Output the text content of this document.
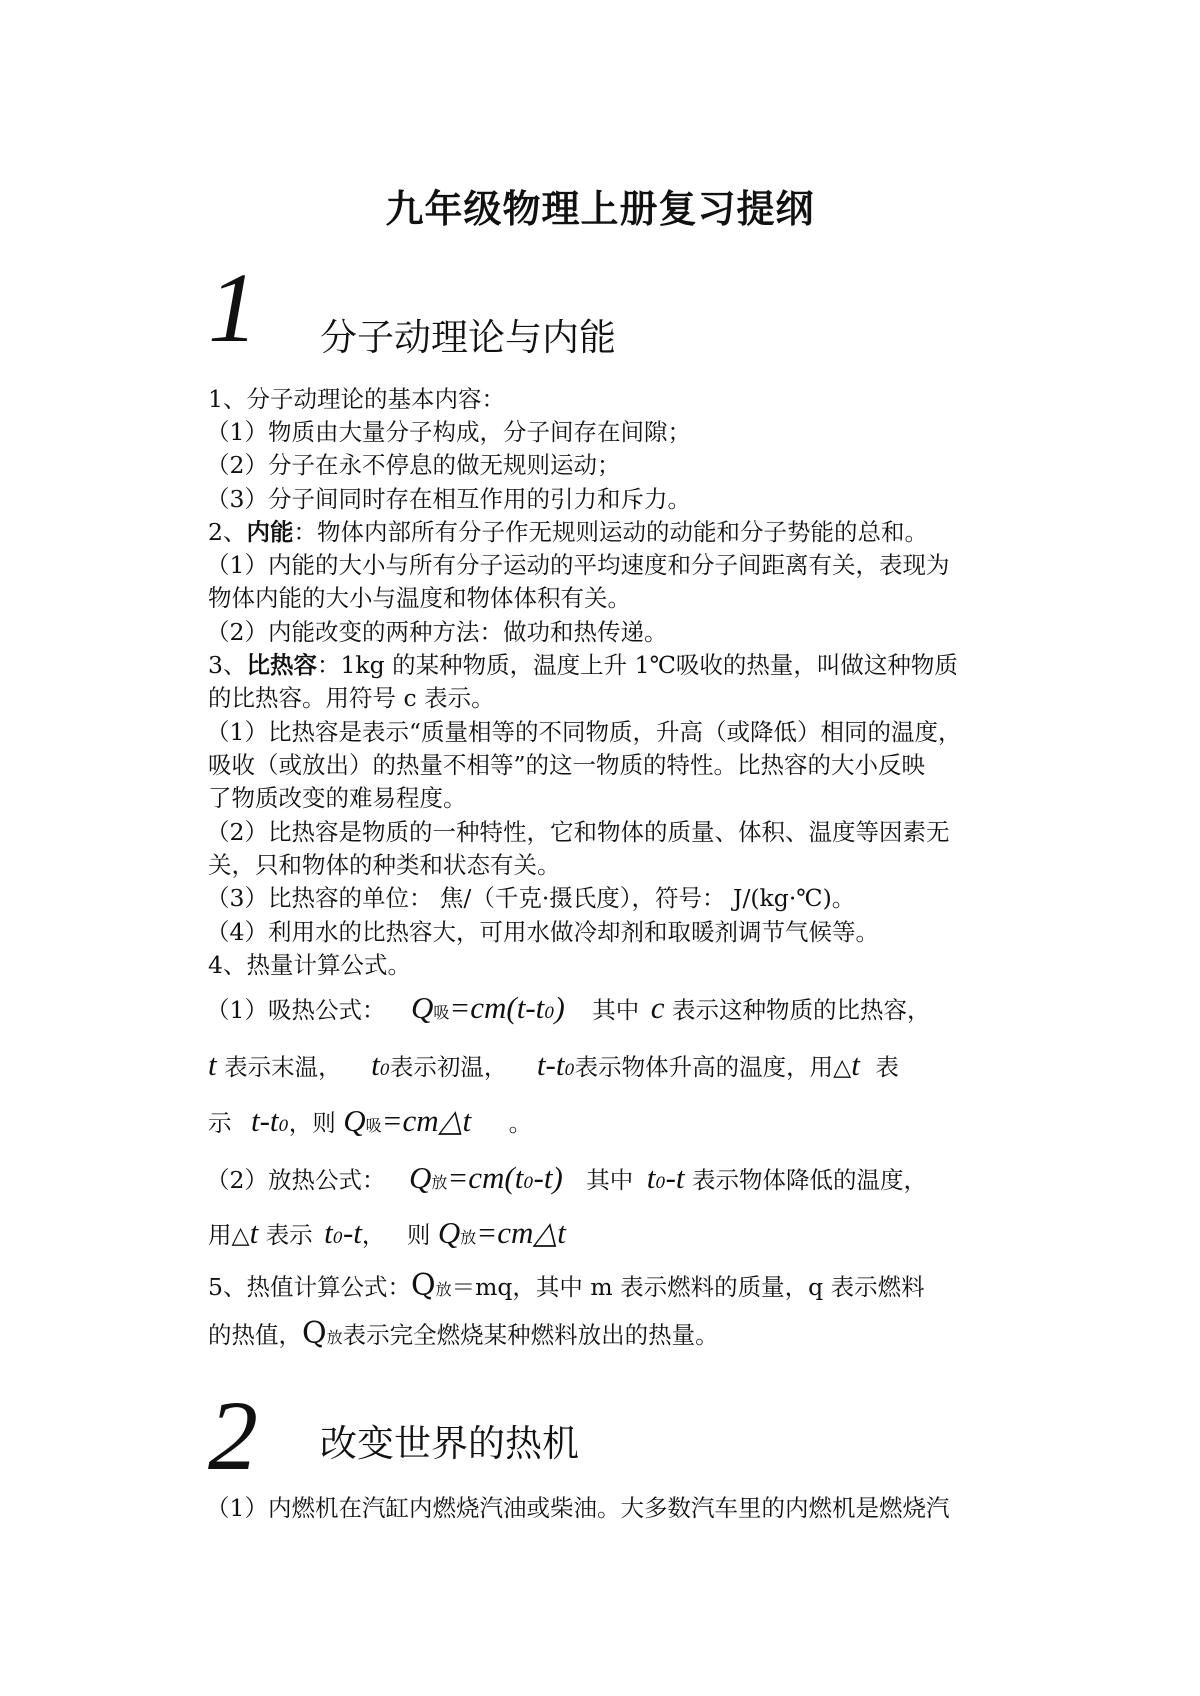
九年级物理上册复习提纲
1 分子动理论与内能
1、分子动理论的基本内容：
（1）物质由大量分子构成，分子间存在间隙；
（2）分子在永不停息的做无规则运动；
（3）分子间同时存在相互作用的引力和斥力。
2、内能：物体内部所有分子作无规则运动的动能和分子势能的总和。
（1）内能的大小与所有分子运动的平均速度和分子间距离有关，表现为
物体内能的大小与温度和物体体积有关。
（2）内能改变的两种方法：做功和热传递。
3、比热容：1kg 的某种物质，温度上升 1℃吸收的热量，叫做这种物质
的比热容。用符号 c 表示。
（1）比热容是表示“质量相等的不同物质，升高（或降低）相同的温度，
吸收（或放出）的热量不相等”的这一物质的特性。比热容的大小反映
了物质改变的难易程度。
（2）比热容是物质的一种特性，它和物体的质量、体积、温度等因素无
关，只和物体的种类和状态有关。
（3）比热容的单位： 焦/（千克·摄氏度），符号： J/(kg·℃)。
（4）利用水的比热容大，可用水做冷却剂和取暖剂调节气候等。
4、热量计算公式。
（1）吸热公式： Q吸=cm(t-t0) 其中 c 表示这种物质的比热容，
t 表示末温， t0表示初温， t-t0表示物体升高的温度，用△t 表
示 t-t0，则 Q吸=cm△t 。
（2）放热公式： Q放=cm(t0-t) 其中 t0-t 表示物体降低的温度，
用△t 表示 t0-t， 则 Q放=cm△t
5、热值计算公式：Q放＝mq，其中 m 表示燃料的质量，q 表示燃料
的热值，Q放表示完全燃烧某种燃料放出的热量。
2 改变世界的热机
（1）内燃机在汽缸内燃烧汽油或柴油。大多数汽车里的内燃机是燃烧汽
